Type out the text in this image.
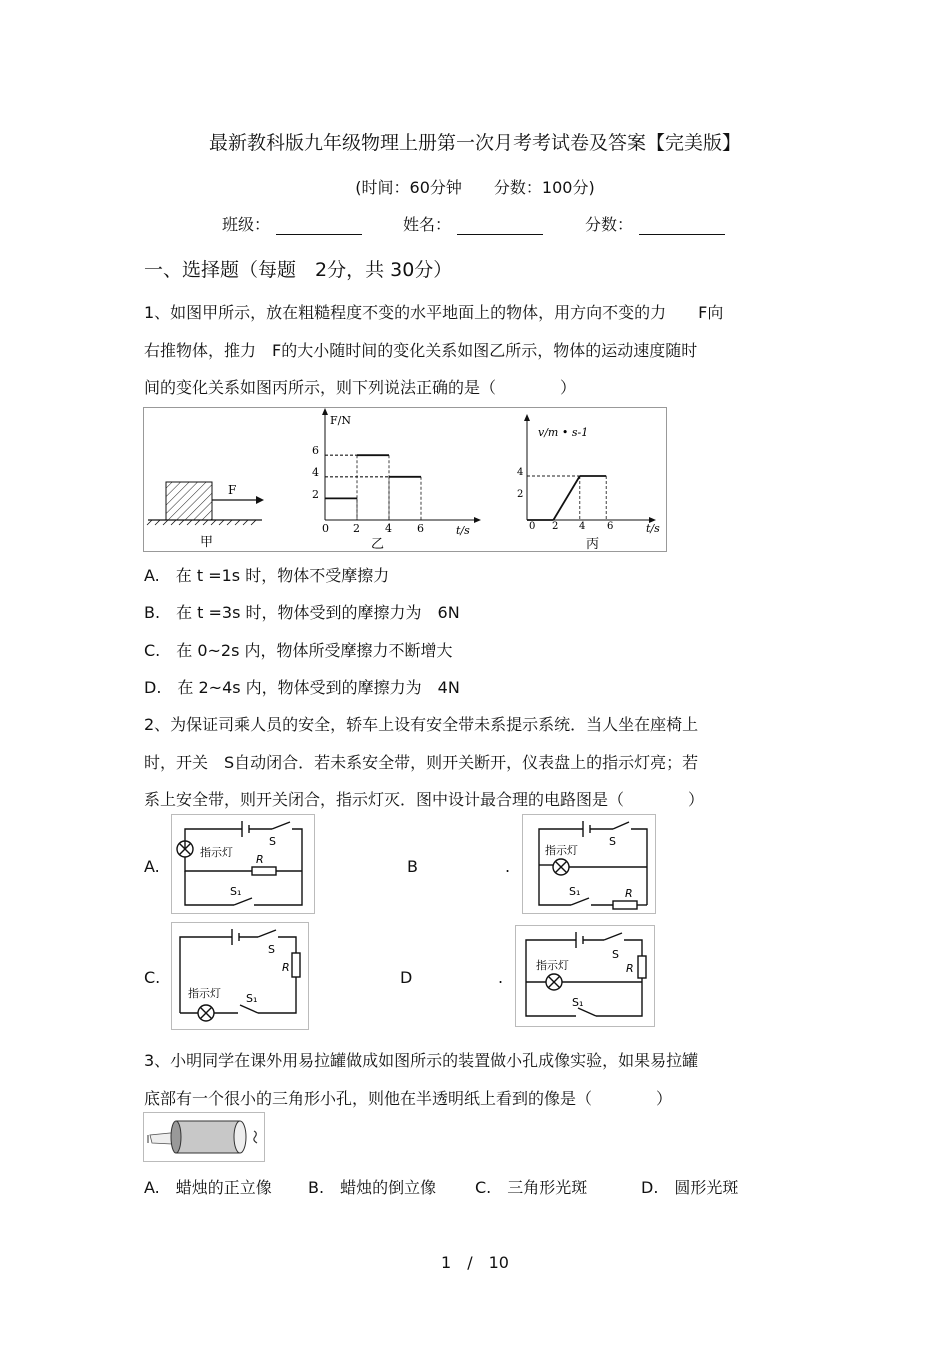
最新教科版九年级物理上册第一次月考考试卷及答案【完美版】
(时间：60分钟　　分数：100分)
班级：	姓名：	分数：
一、选择题（每题　2分，共 30分）
1、如图甲所示，放在粗糙程度不变的水平地面上的物体，用方向不变的力　　F向
右推物体，推力　F的大小随时间的变化关系如图乙所示，物体的运动速度随时
间的变化关系如图丙所示，则下列说法正确的是（　　　　）
F
甲
F/N
t/s
6
4
2
0 2 4 6
乙
v/m • s-1
t/s
4
2
0 2 4 6
丙
A.　在 t =1s 时，物体不受摩擦力
B.　在 t =3s 时，物体受到的摩擦力为　6N
C.　在 0~2s 内，物体所受摩擦力不断增大
D.　在 2~4s 内，物体受到的摩擦力为　4N
2、为保证司乘人员的安全，轿车上设有安全带未系提示系统．当人坐在座椅上
时，开关　S自动闭合．若未系安全带，则开关断开，仪表盘上的指示灯亮；若
系上安全带，则开关闭合，指示灯灭．图中设计最合理的电路图是（　　　　）
A.	B	.
C.	D	.
指示灯
S
R
S₁
指示灯
S
S₁	R
S
R
指示灯 S₁
指示灯
S
R
S₁
3、小明同学在课外用易拉罐做成如图所示的装置做小孔成像实验，如果易拉罐
底部有一个很小的三角形小孔，则他在半透明纸上看到的像是（　　　　）
A.　蜡烛的正立像 B.　蜡烛的倒立像 C.　三角形光斑	D.　圆形光斑
1　/　10
